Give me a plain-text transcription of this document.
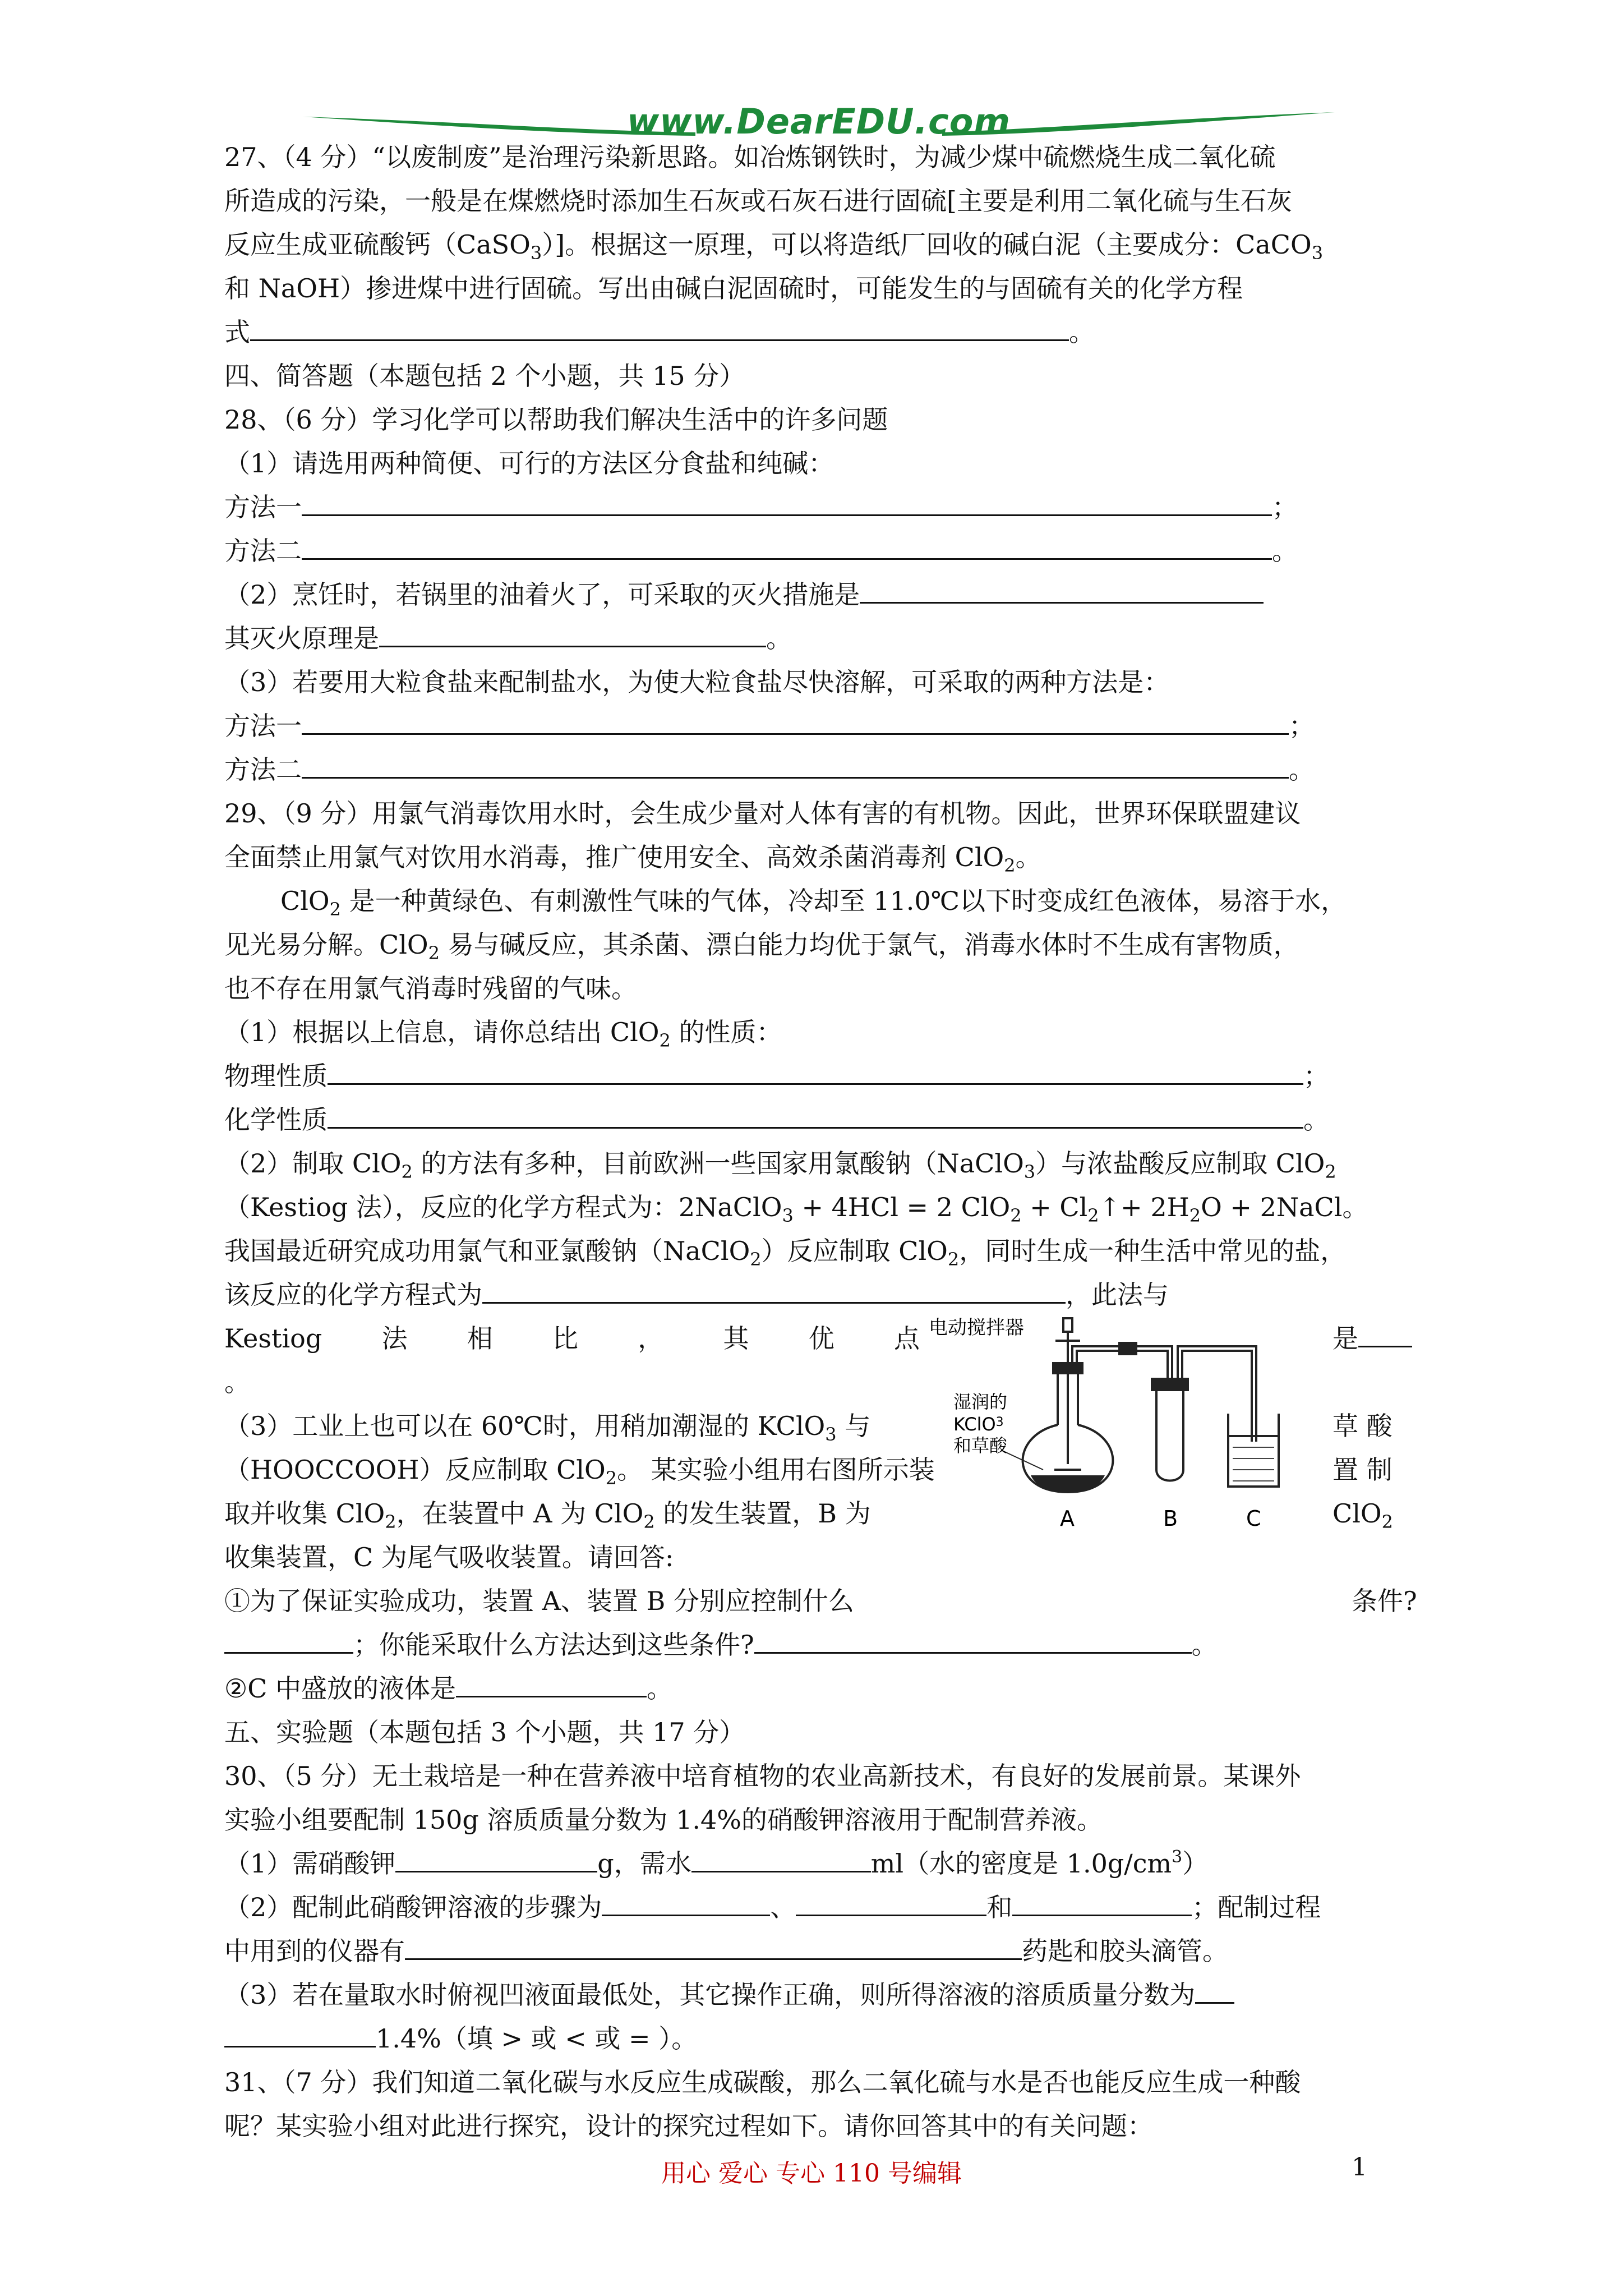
www.DearEDU.com
27、（4 分）“以废制废”是治理污染新思路。如冶炼钢铁时，为减少煤中硫燃烧生成二氧化硫
所造成的污染，一般是在煤燃烧时添加生石灰或石灰石进行固硫[主要是利用二氧化硫与生石灰
反应生成亚硫酸钙（CaSO$_3$）]。根据这一原理，可以将造纸厂回收的碱白泥（主要成分：CaCO$_3$
和 NaOH）掺进煤中进行固硫。写出由碱白泥固硫时，可能发生的与固硫有关的化学方程
式	。
四、简答题（本题包括 2 个小题，共 15 分）
28、（6 分）学习化学可以帮助我们解决生活中的许多问题
（1）请选用两种简便、可行的方法区分食盐和纯碱：
方法一	；
方法二	。
（2）烹饪时，若锅里的油着火了，可采取的灭火措施是
其灭火原理是	。
（3）若要用大粒食盐来配制盐水，为使大粒食盐尽快溶解，可采取的两种方法是：
方法一	；
方法二	。
29、（9 分）用氯气消毒饮用水时，会生成少量对人体有害的有机物。因此，世界环保联盟建议
全面禁止用氯气对饮用水消毒，推广使用安全、高效杀菌消毒剂 ClO$_2$。
ClO$_2$ 是一种黄绿色、有刺激性气味的气体，冷却至 11.0℃以下时变成红色液体，易溶于水，
见光易分解。ClO$_2$ 易与碱反应，其杀菌、漂白能力均优于氯气，消毒水体时不生成有害物质，
也不存在用氯气消毒时残留的气味。
（1）根据以上信息，请你总结出 ClO$_2$ 的性质：
物理性质	；
化学性质	。
（2）制取 ClO$_2$ 的方法有多种，目前欧洲一些国家用氯酸钠（NaClO$_3$）与浓盐酸反应制取 ClO$_2$
（Kestiog 法），反应的化学方程式为：2NaClO$_3$ + 4HCl = 2 $ClO_2 + Cl_2↑+ 2H_2O$ + 2NaCl。
我国最近研究成功用氯气和亚氯酸钠（NaClO$_2$）反应制取 ClO$_2$，同时生成一种生活中常见的盐，
该反应的化学方程式为	，此法与
Kestiog 法 相 比 ， 其 优 点	是
。
（3）工业上也可以在 60℃时，用稍加潮湿的 KClO$_3$ 与	草 酸
（HOOCCOOH）反应制取 ClO$_2$。 某实验小组用右图所示装	置 制
取并收集 ClO$_2$，在装置中 A 为 ClO$_2$ 的发生装置，B 为	ClO$_2$
收集装置，C 为尾气吸收装置。请回答:
①为了保证实验成功，装置 A、装置 B 分别应控制什么	条件?
；你能采取什么方法达到这些条件?	。
②C 中盛放的液体是	。
电动搅拌器
湿润的
KClO$^3$
和草酸
A	B	C
五、实验题（本题包括 3 个小题，共 17 分）
30、（5 分）无土栽培是一种在营养液中培育植物的农业高新技术，有良好的发展前景。某课外
实验小组要配制 150g 溶质质量分数为 1.4%的硝酸钾溶液用于配制营养液。
（1）需硝酸钾	g，需水	ml（水的密度是 $1.0g/cm^3$）
（2）配制此硝酸钾溶液的步骤为	、	和	；配制过程
中用到的仪器有	药匙和胶头滴管。
（3）若在量取水时俯视凹液面最低处，其它操作正确，则所得溶液的溶质质量分数为
1.4%（填 > 或 < 或 = ）。
31、（7 分）我们知道二氧化碳与水反应生成碳酸，那么二氧化硫与水是否也能反应生成一种酸
呢？某实验小组对此进行探究，设计的探究过程如下。请你回答其中的有关问题：
用心 爱心 专心 110 号编辑	1
